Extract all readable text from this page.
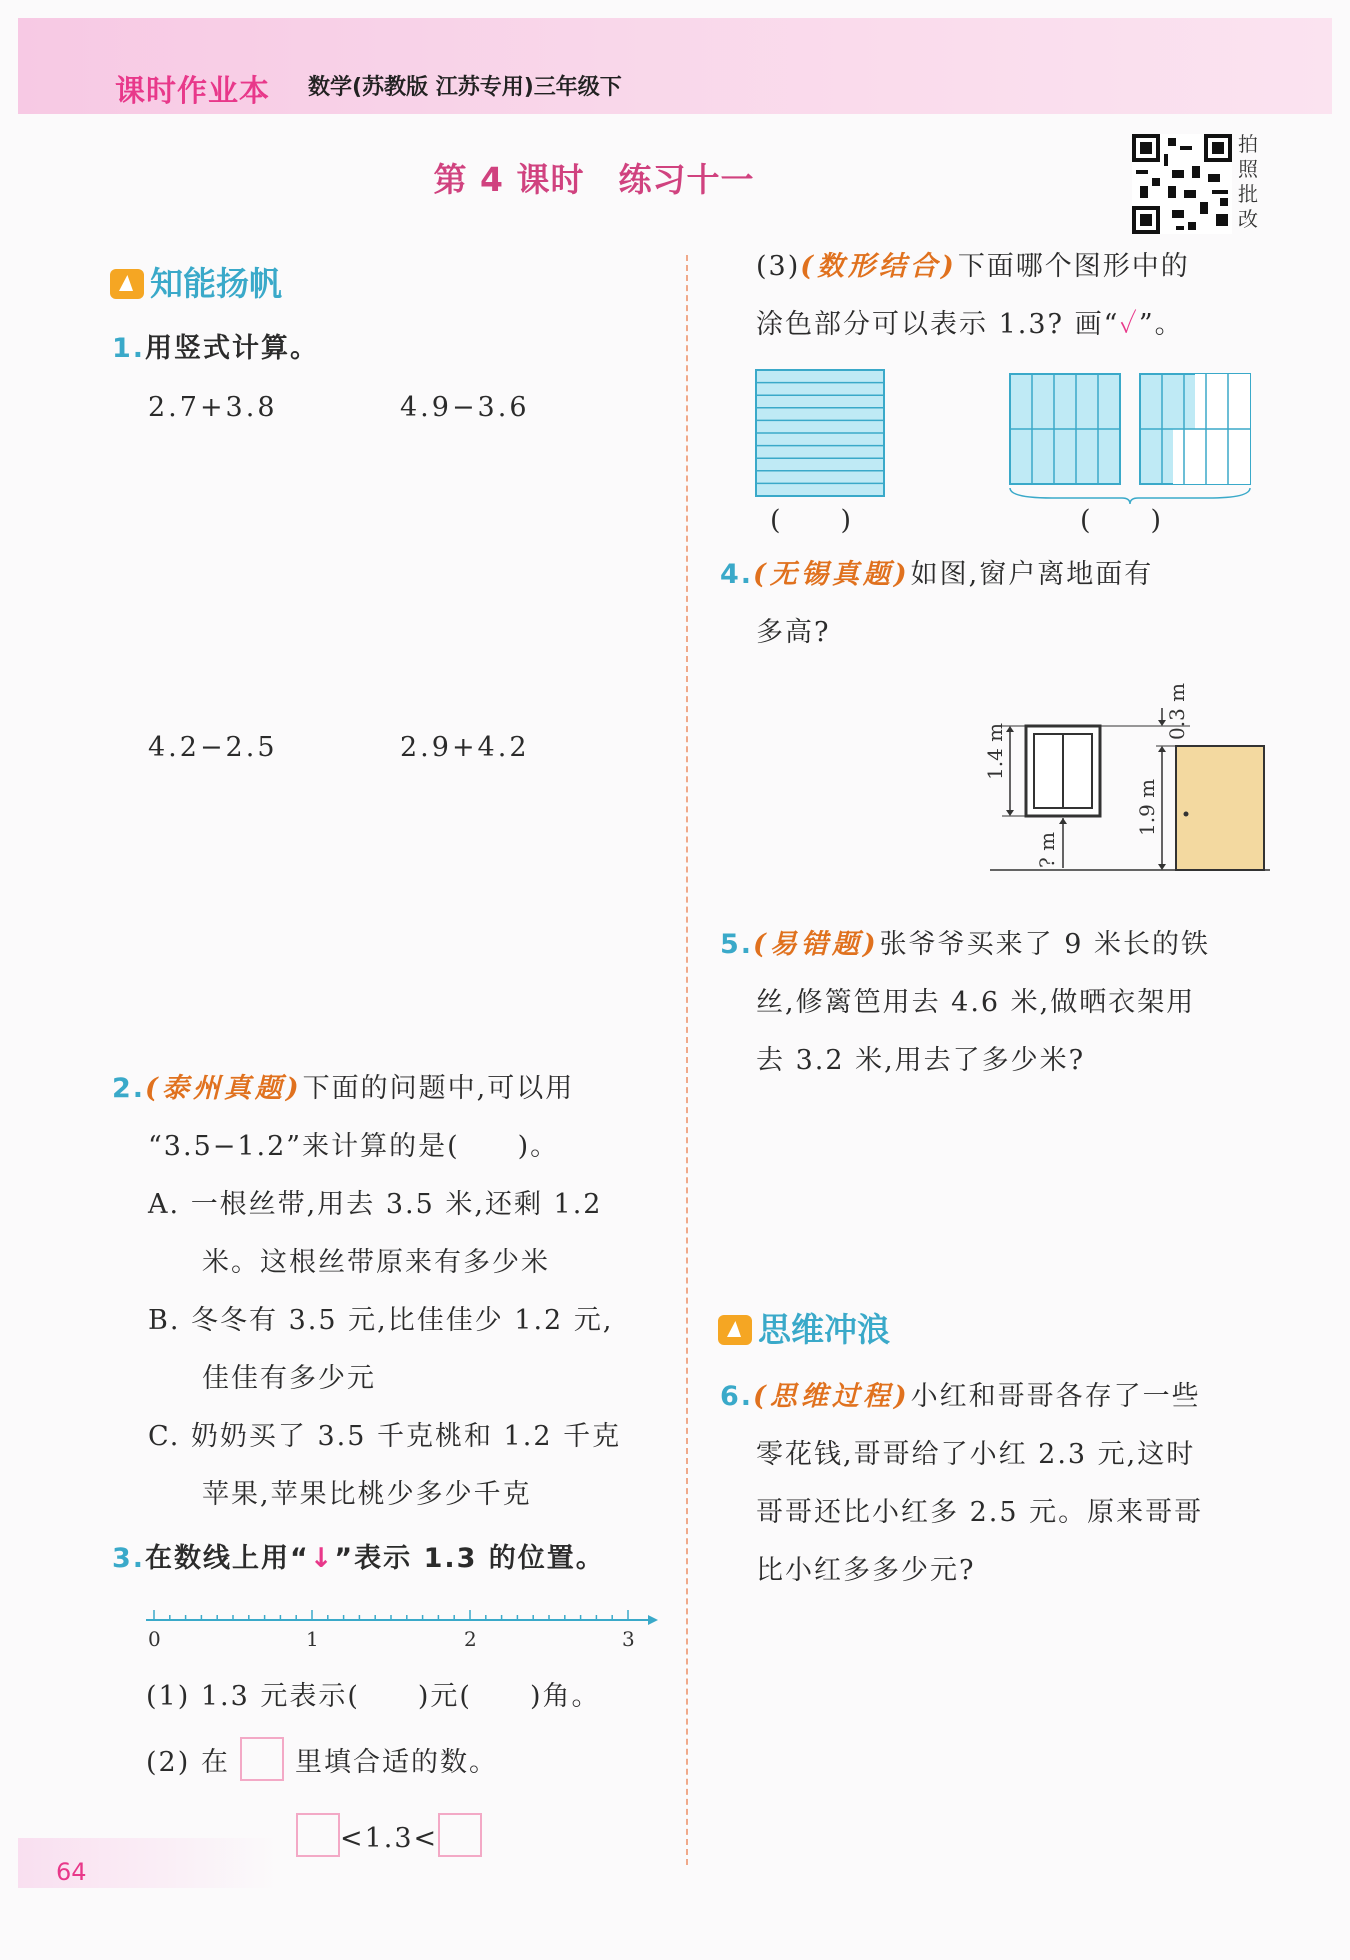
课时作业本 数学(苏教版 江苏专用)三年级下
第 4 课时　练习十一
拍照批改
知能扬帆
1.用竖式计算。
2.7+3.8	4.9−3.6
4.2−2.5	2.9+4.2
2.(泰州真题)下面的问题中,可以用
“3.5−1.2”来计算的是(　　)。
A. 一根丝带,用去 3.5 米,还剩 1.2
米。这根丝带原来有多少米
B. 冬冬有 3.5 元,比佳佳少 1.2 元,
佳佳有多少元
C. 奶奶买了 3.5 千克桃和 1.2 千克
苹果,苹果比桃少多少千克
3.在数线上用“↓”表示 1.3 的位置。
0	1	2	3
(1) 1.3 元表示(　　)元(　　)角。
(2) 在 里填合适的数。
<1.3<
(3)(数形结合)下面哪个图形中的
涂色部分可以表示 1.3? 画“✓”。
(　　)	(　　)
4.(无锡真题)如图,窗户离地面有
多高?
1.4 m
0.3 m
1.9 m
? m
5.(易错题)张爷爷买来了 9 米长的铁
丝,修篱笆用去 4.6 米,做晒衣架用
去 3.2 米,用去了多少米?
思维冲浪
6.(思维过程)小红和哥哥各存了一些
零花钱,哥哥给了小红 2.3 元,这时
哥哥还比小红多 2.5 元。原来哥哥
比小红多多少元?
64
